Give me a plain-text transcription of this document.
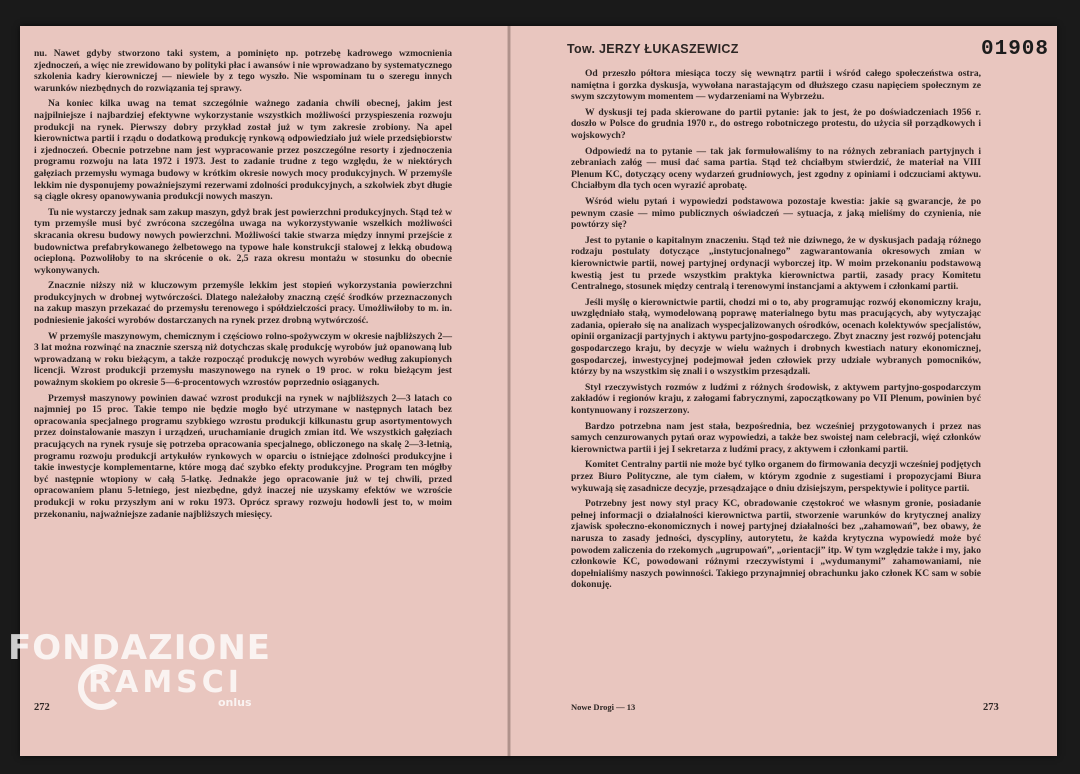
nu. Nawet gdyby stworzono taki system, a pominięto np. potrzebę kadrowego wzmocnienia zjednoczeń, a więc nie zrewidowano by polityki płac i awansów i nie wprowadzano by systematycznego szkolenia kadry kierowniczej — niewiele by z tego wyszło. Nie wspominam tu o szeregu innych warunków niezbędnych do rozwiązania tej sprawy.

Na koniec kilka uwag na temat szczególnie ważnego zadania chwili obecnej, jakim jest najpilniejsze i najbardziej efektywne wykorzystanie wszystkich możliwości przyspieszenia rozwoju produkcji na rynek. Pierwszy dobry przykład został już w tym zakresie zrobiony. Na apel kierownictwa partii i rządu o dodatkową produkcję rynkową odpowiedziało już wiele przedsiębiorstw i zjednoczeń. Obecnie potrzebne nam jest wypracowanie przez poszczególne resorty i zjednoczenia programu rozwoju na lata 1972 i 1973. Jest to zadanie trudne z tego względu, że w niektórych gałęziach przemysłu wymaga budowy w krótkim okresie nowych mocy produkcyjnych. W przemyśle lekkim nie dysponujemy poważniejszymi rezerwami zdolności produkcyjnych, a szkolwiek zbyt długie są ciągle okresy opanowywania produkcji nowych maszyn.

Tu nie wystarczy jednak sam zakup maszyn, gdyż brak jest powierzchni produkcyjnych. Stąd też w tym przemyśle musi być zwrócona szczególna uwaga na wykorzystywanie wszelkich możliwości skracania okresu budowy nowych powierzchni. Możliwości takie stwarza między innymi przejście z budownictwa prefabrykowanego żelbetowego na typowe hale konstrukcji stalowej z lekką obudową ocieploną. Pozwoliłoby to na skrócenie o ok. 2,5 raza okresu montażu w stosunku do obecnie wykonywanych.

Znacznie niższy niż w kluczowym przemyśle lekkim jest stopień wykorzystania powierzchni produkcyjnych w drobnej wytwórczości. Dlatego należałoby znaczną część środków przeznaczonych na zakup maszyn przekazać do przemysłu terenowego i spółdzielczości pracy. Umożliwiłoby to m. in. podniesienie jakości wyrobów dostarczanych na rynek przez drobną wytwórczość.

W przemyśle maszynowym, chemicznym i częściowo rolno-spożywczym w okresie najbliższych 2—3 lat można rozwinąć na znacznie szerszą niż dotychczas skalę produkcję wyrobów już opanowaną lub wprowadzaną w roku bieżącym, a także rozpocząć produkcję nowych wyrobów według zakupionych licencji. Wzrost produkcji przemysłu maszynowego na rynek o 19 proc. w roku bieżącym jest poważnym skokiem po okresie 5—6-procentowych wzrostów poprzednio osiąganych.

Przemysł maszynowy powinien dawać wzrost produkcji na rynek w najbliższych 2—3 latach co najmniej po 15 proc. Takie tempo nie będzie mogło być utrzymane w następnych latach bez opracowania specjalnego programu szybkiego wzrostu produkcji kilkunastu grup asortymentowych przez doinstalowanie maszyn i urządzeń, uruchamianie drugich zmian itd. We wszystkich gałęziach pracujących na rynek rysuje się potrzeba opracowania specjalnego, obliczonego na skalę 2—3-letnią, programu rozwoju produkcji artykułów rynkowych w oparciu o istniejące zdolności produkcyjne i takie inwestycje komplementarne, które mogą dać szybko efekty produkcyjne. Program ten mógłby być następnie wtopiony w całą 5-latkę. Jednakże jego opracowanie już w tej chwili, przed opracowaniem planu 5-letniego, jest niezbędne, gdyż inaczej nie uzyskamy efektów we wzroście produkcji w roku przyszłym ani w roku 1973. Oprócz sprawy rozwoju hodowli jest to, w moim przekonaniu, najważniejsze zadanie najbliższych miesięcy.

272
Tow. JERZY ŁUKASZEWICZ	01908

Od przeszło półtora miesiąca toczy się wewnątrz partii i wśród całego społeczeństwa ostra, namiętna i gorzka dyskusja, wywołana narastającym od dłuższego czasu napięciem społecznym ze swym szczytowym momentem — wydarzeniami na Wybrzeżu.

W dyskusji tej pada skierowane do partii pytanie: jak to jest, że po doświadczeniach 1956 r. doszło w Polsce do grudnia 1970 r., do ostrego robotniczego protestu, do użycia sił porządkowych i wojskowych?

Odpowiedź na to pytanie — tak jak formułowaliśmy to na różnych zebraniach partyjnych i zebraniach załóg — musi dać sama partia. Stąd też chciałbym stwierdzić, że materiał na VIII Plenum KC, dotyczący oceny wydarzeń grudniowych, jest zgodny z opiniami i odczuciami aktywu. Chciałbym dla tych ocen wyrazić aprobatę.

Wśród wielu pytań i wypowiedzi podstawowa pozostaje kwestia: jakie są gwarancje, że po pewnym czasie — mimo publicznych oświadczeń — sytuacja, z jaką mieliśmy do czynienia, nie powtórzy się?

Jest to pytanie o kapitalnym znaczeniu. Stąd też nie dziwnego, że w dyskusjach padają różnego rodzaju postulaty dotyczące „instytucjonalnego” zagwarantowania okresowych zmian w kierownictwie partii, nowej partyjnej ordynacji wyborczej itp. W moim przekonaniu podstawową kwestią jest tu przede wszystkim praktyka kierownictwa partii, zasady pracy Komitetu Centralnego, stosunek między centralą i terenowymi instancjami a aktywem i członkami partii.

Jeśli myślę o kierownictwie partii, chodzi mi o to, aby programując rozwój ekonomiczny kraju, uwzględniało stałą, wymodelowaną poprawę materialnego bytu mas pracujących, aby wytyczając zadania, opierało się na analizach wyspecjalizowanych ośrodków, ocenach kolektywów specjalistów, opinii organizacji partyjnych i aktywu partyjno-gospodarczego. Zbyt znaczny jest rozwój potencjału gospodarczego kraju, by decyzje w wielu ważnych i drobnych kwestiach natury ekonomicznej, gospodarczej, inwestycyjnej podejmował jeden człowiek przy udziale wybranych pomocników, którzy by na wszystkim się znali i o wszystkim przesądzali.

Styl rzeczywistych rozmów z ludźmi z różnych środowisk, z aktywem partyjno-gospodarczym zakładów i regionów kraju, z załogami fabrycznymi, zapoczątkowany po VII Plenum, powinien być kontynuowany i rozszerzony.

Bardzo potrzebna nam jest stała, bezpośrednia, bez wcześniej przygotowanych i przez nas samych cenzurowanych pytań oraz wypowiedzi, a także bez swoistej nam celebracji, więź członków kierownictwa partii i jej I sekretarza z ludźmi pracy, z aktywem i członkami partii.

Komitet Centralny partii nie może być tylko organem do firmowania decyzji wcześniej podjętych przez Biuro Polityczne, ale tym ciałem, w którym zgodnie z sugestiami i propozycjami Biura wykuwają się zasadnicze decyzje, przesądzające o dniu dzisiejszym, perspektywie i polityce partii.

Potrzebny jest nowy styl pracy KC, obradowanie częstokroć we własnym gronie, posiadanie pełnej informacji o działalności kierownictwa partii, stworzenie warunków do krytycznej analizy zjawisk społeczno-ekonomicznych i nowej partyjnej działalności bez „zahamowań”, bez obawy, że narusza to zasady jedności, dyscypliny, autorytetu, że każda krytyczna wypowiedź może być powodem zaliczenia do rzekomych „ugrupowań”, „orientacji” itp. W tym względzie także i my, jako członkowie KC, powodowani różnymi rzeczywistymi i „wydumanymi” zahamowaniami, nie dopełnialiśmy naszych powinności. Takiego przynajmniej obrachunku jako członek KC sam w sobie dokonuję.

Nowe Drogi — 13	273
FONDAZIONE
RAMSCI
onlus
